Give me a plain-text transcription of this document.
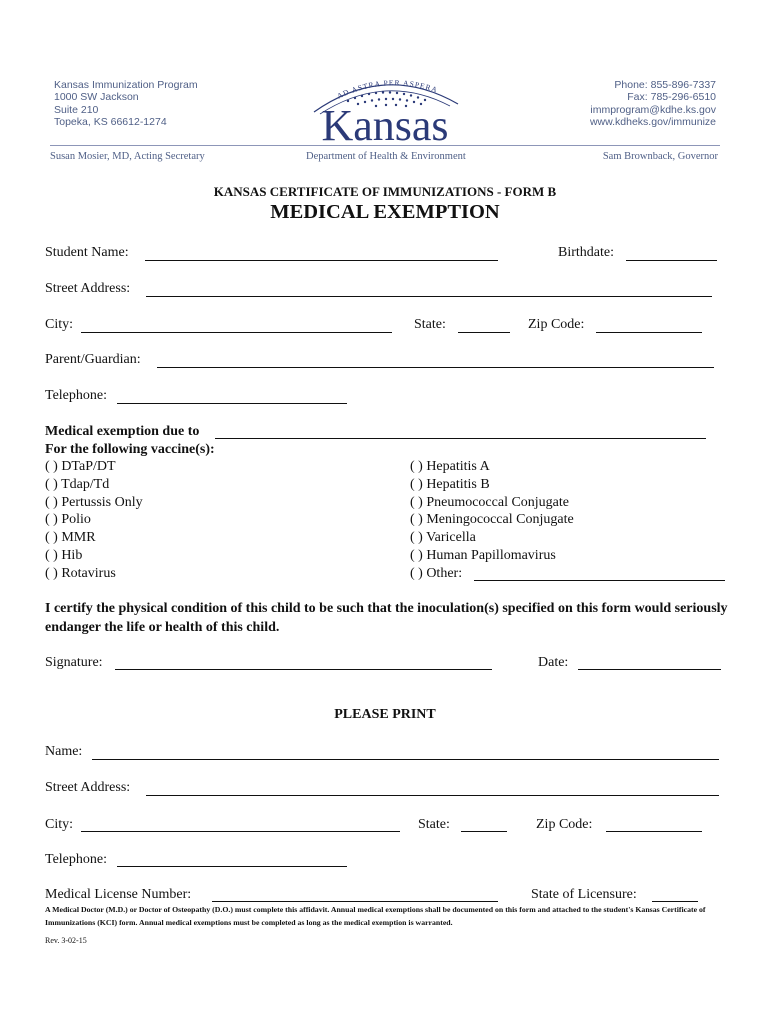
Kansas Immunization Program
1000 SW Jackson
Suite 210
Topeka, KS 66612-1274
AD ASTRA PER ASPERA
Kansas
Phone: 855-896-7337
Fax: 785-296-6510
immprogram@kdhe.ks.gov
www.kdheks.gov/immunize
Susan Mosier, MD, Acting Secretary	Department of Health & Environment	Sam Brownback, Governor
KANSAS CERTIFICATE OF IMMUNIZATIONS - FORM B
MEDICAL EXEMPTION
Student Name:	Birthdate:
Street Address:
City:	State:	Zip Code:
Parent/Guardian:
Telephone:
Medical exemption due to
For the following vaccine(s):
( ) DTaP/DT
( ) Tdap/Td
( ) Pertussis Only
( ) Polio
( ) MMR
( ) Hib
( ) Rotavirus
( ) Hepatitis A
( ) Hepatitis B
( ) Pneumococcal Conjugate
( ) Meningococcal Conjugate
( ) Varicella
( ) Human Papillomavirus
( ) Other:
I certify the physical condition of this child to be such that the inoculation(s) specified on this form would seriously endanger the life or health of this child.
Signature:	Date:
PLEASE PRINT
Name:
Street Address:
City:	State:	Zip Code:
Telephone:
Medical License Number:	State of Licensure:
A Medical Doctor (M.D.) or Doctor of Osteopathy (D.O.) must complete this affidavit. Annual medical exemptions shall be documented on this form and attached to the student's Kansas Certificate of Immunizations (KCI) form. Annual medical exemptions must be completed as long as the medical exemption is warranted.
Rev. 3-02-15
